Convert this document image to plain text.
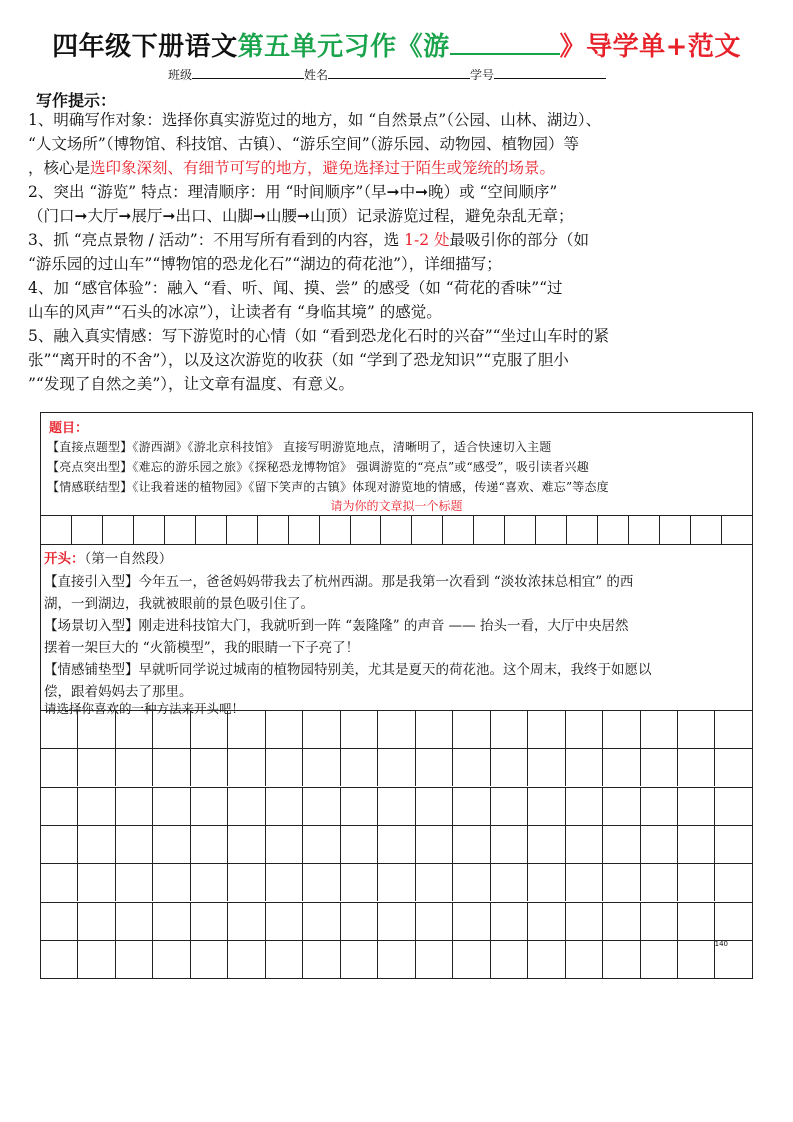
四年级下册语文第五单元习作《游	》导学单+范文
班级	姓名	学号
写作提示：

1、明确写作对象：选择你真实游览过的地方，如 “自然景点”（公园、山林、湖边）、

“人文场所”（博物馆、科技馆、古镇）、“游乐空间”（游乐园、动物园、植物园）等

，核心是选印象深刻、有细节可写的地方，避免选择过于陌生或笼统的场景。

2、突出 “游览” 特点：理清顺序：用 “时间顺序”（早➞中➞晚）或 “空间顺序”

（门口➞大厅➞展厅➞出口、山脚➞山腰➞山顶）记录游览过程，避免杂乱无章；

3、抓 “亮点景物 / 活动”：不用写所有看到的内容，选 1-2 处最吸引你的部分（如

“游乐园的过山车”“博物馆的恐龙化石”“湖边的荷花池”），详细描写；

4、加 “感官体验”：融入 “看、听、闻、摸、尝” 的感受（如 “荷花的香味”“过

山车的风声”“石头的冰凉”），让读者有 “身临其境” 的感觉。

5、融入真实情感：写下游览时的心情（如 “看到恐龙化石时的兴奋”“坐过山车时的紧

张”“离开时的不舍”），以及这次游览的收获（如 “学到了恐龙知识”“克服了胆小

”“发现了自然之美”），让文章有温度、有意义。

题目：
【直接点题型】《游西湖》《游北京科技馆》 直接写明游览地点，清晰明了，适合快速切入主题
【亮点突出型】《难忘的游乐园之旅》《探秘恐龙博物馆》 强调游览的“亮点”或“感受”，吸引读者兴趣
【情感联结型】《让我着迷的植物园》《留下笑声的古镇》体现对游览地的情感，传递“喜欢、难忘”等态度
请为你的文章拟一个标题
开头：（第一自然段）
【直接引入型】今年五一，爸爸妈妈带我去了杭州西湖。那是我第一次看到 “淡妆浓抹总相宜” 的西
湖，一到湖边，我就被眼前的景色吸引住了。
【场景切入型】刚走进科技馆大门，我就听到一阵 “轰隆隆” 的声音 —— 抬头一看，大厅中央居然
摆着一架巨大的 “火箭模型”，我的眼睛一下子亮了！
【情感铺垫型】早就听同学说过城南的植物园特别美，尤其是夏天的荷花池。这个周末，我终于如愿以
偿，跟着妈妈去了那里。
请选择你喜欢的一种方法来开头吧！
140
